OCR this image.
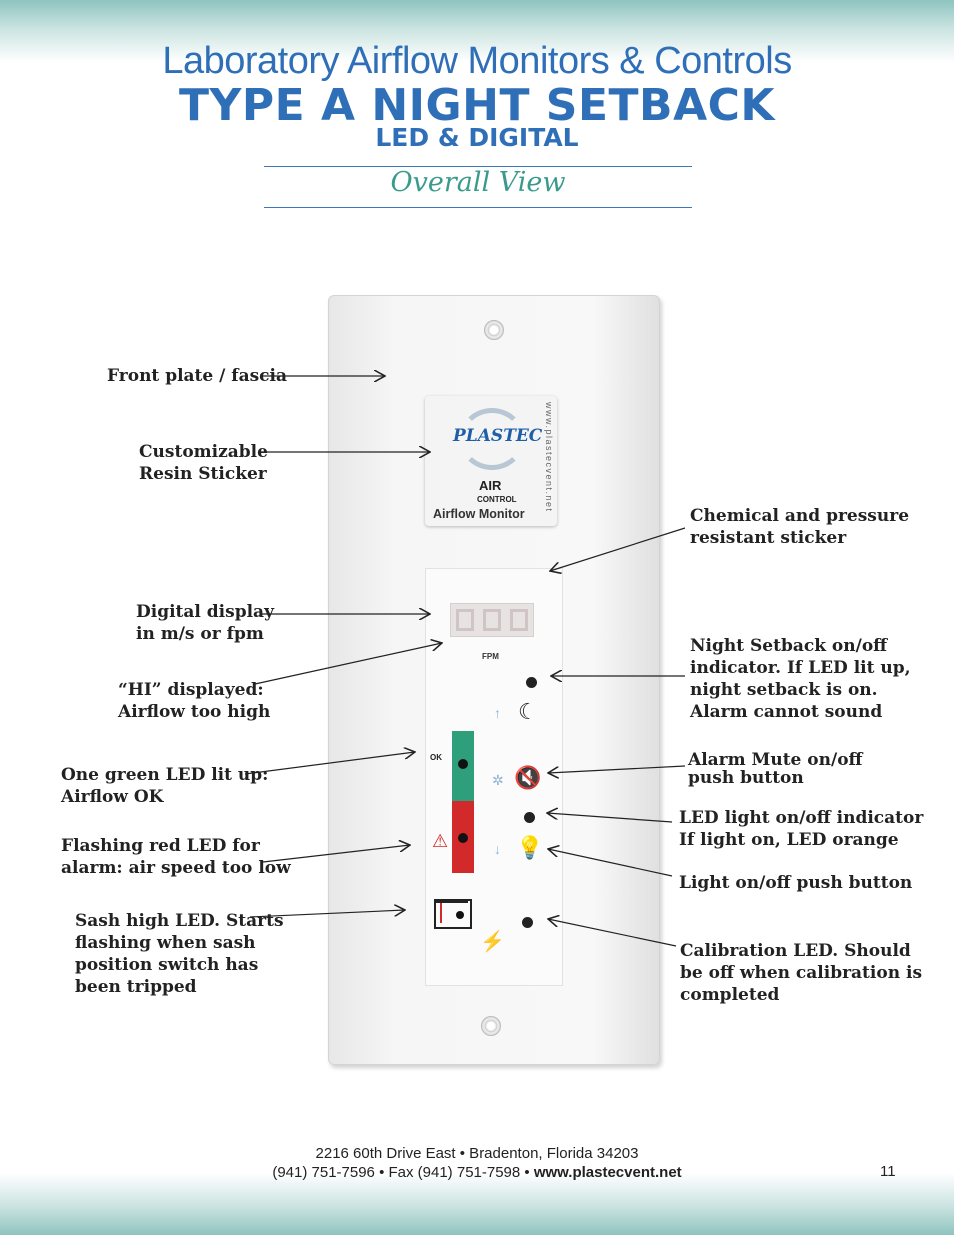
Laboratory Airflow Monitors & Controls
TYPE A NIGHT SETBACK
LED & DIGITAL
Overall View
PLASTEC
AIR
CONTROL
Airflow Monitor
www.plastecvent.net
FPM
↑ ☾
OK
✲ 🔇
↓ 💡
⚠
⚡
Front plate / fascia
Customizable
Resin Sticker
Digital display
in m/s or fpm
“HI” displayed:
Airflow too high
One green LED lit up:
Airflow OK
Flashing red LED for
alarm: air speed too low
Sash high LED. Starts
flashing when sash
position switch has
been tripped
Chemical and pressure
resistant sticker
Night Setback on/off
indicator. If LED lit up,
night setback is on.
Alarm cannot sound
Alarm Mute on/off
push button
LED light on/off indicator
If light on, LED orange
Light on/off push button
Calibration LED. Should
be off when calibration is
completed
2216 60th Drive East • Bradenton, Florida 34203
(941) 751-7596 • Fax (941) 751-7598 • www.plastecvent.net	11
